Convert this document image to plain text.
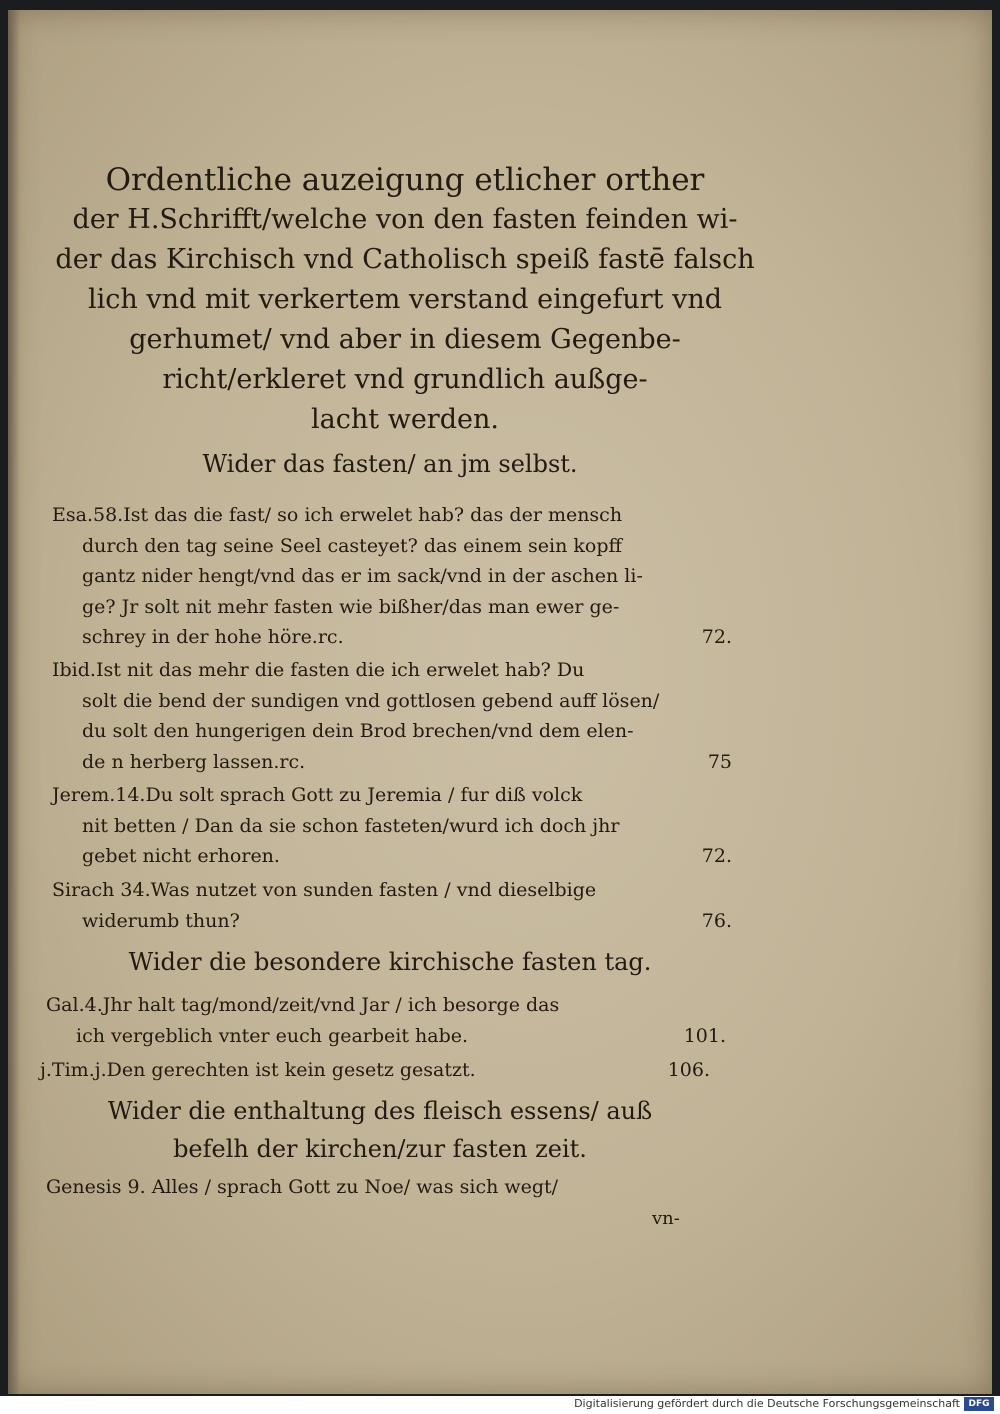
Ordentliche auzeigung etlicher orther
der H.Schrifft/welche von den fasten feinden wi-
der das Kirchisch vnd Catholisch speiß fastē falsch
lich vnd mit verkertem verstand eingefurt vnd
gerhumet/ vnd aber in diesem Gegenbe-
richt/erkleret vnd grundlich außge-
lacht werden.
Wider das fasten/ an jm selbst.
Esa.58.Ist das die fast/ so ich erwelet hab? das der mensch
durch den tag seine Seel casteyet? das einem sein kopff
gantz nider hengt/vnd das er im sack/vnd in der aschen li-
ge? Jr solt nit mehr fasten wie bißher/das man ewer ge-
schrey in der hohe höre.rc.	72.
Ibid.Ist nit das mehr die fasten die ich erwelet hab? Du
solt die bend der sundigen vnd gottlosen gebend auff lösen/
du solt den hungerigen dein Brod brechen/vnd dem elen-
de n herberg lassen.rc.	75
Jerem.14.Du solt sprach Gott zu Jeremia / fur diß volck
nit betten / Dan da sie schon fasteten/wurd ich doch jhr
gebet nicht erhoren.	72.
Sirach 34.Was nutzet von sunden fasten / vnd dieselbige
widerumb thun?	76.
Wider die besondere kirchische fasten tag.
Gal.4.Jhr halt tag/mond/zeit/vnd Jar / ich besorge das
ich vergeblich vnter euch gearbeit habe.	101.
j.Tim.j.Den gerechten ist kein gesetz gesatzt.	106.
Wider die enthaltung des fleisch essens/ auß
befelh der kirchen/zur fasten zeit.
Genesis 9. Alles / sprach Gott zu Noe/ was sich wegt/
vn-
Digitalisierung gefördert durch die Deutsche Forschungsgemeinschaft DFG
